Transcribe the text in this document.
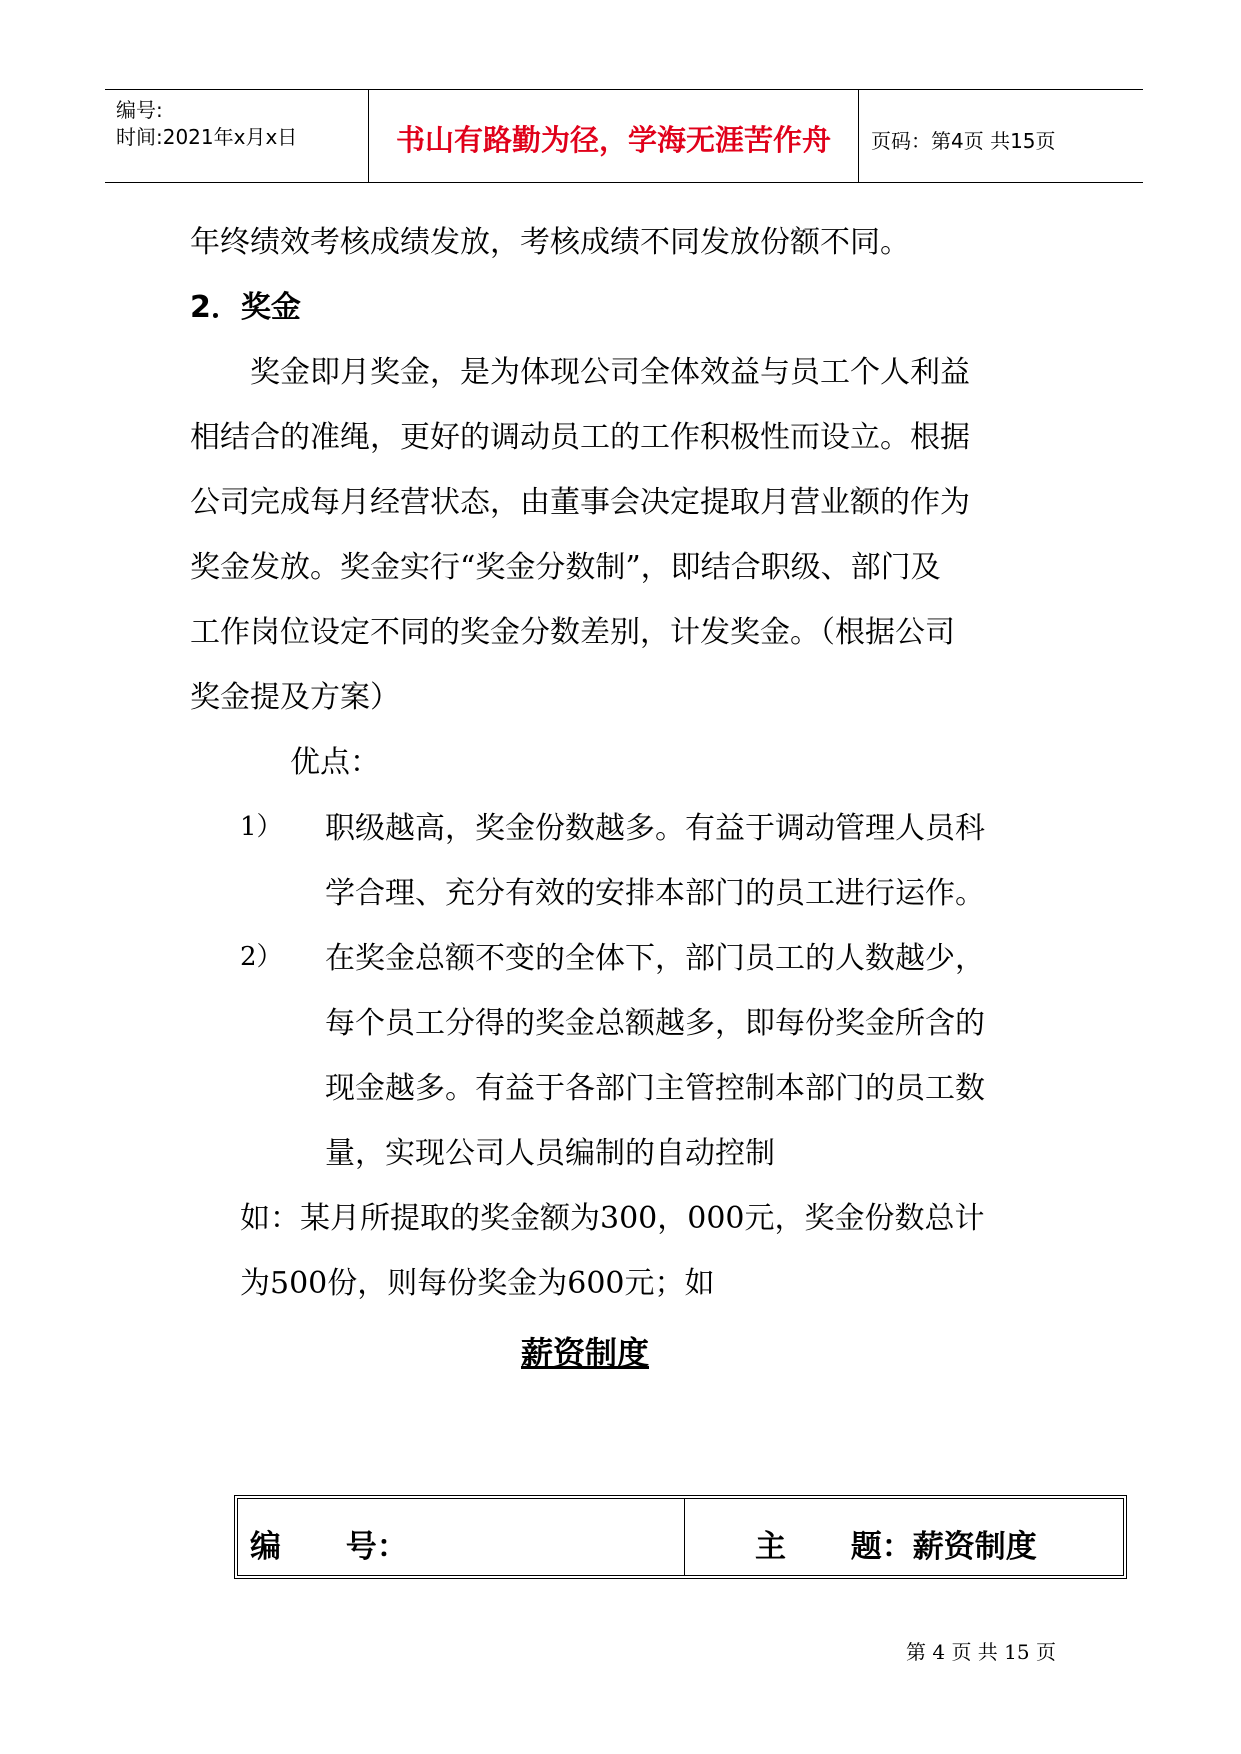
编号:
时间:2021年x月x日	书山有路勤为径，学海无涯苦作舟	页码：第4页 共15页
年终绩效考核成绩发放，考核成绩不同发放份额不同。
2．奖金
奖金即月奖金，是为体现公司全体效益与员工个人利益
相结合的准绳，更好的调动员工的工作积极性而设立。根据
公司完成每月经营状态，由董事会决定提取月营业额的作为
奖金发放。奖金实行“奖金分数制”，即结合职级、部门及
工作岗位设定不同的奖金分数差别，计发奖金。（根据公司
奖金提及方案）
优点：
1） 职级越高，奖金份数越多。有益于调动管理人员科
学合理、充分有效的安排本部门的员工进行运作。
2） 在奖金总额不变的全体下，部门员工的人数越少，
每个员工分得的奖金总额越多，即每份奖金所含的
现金越多。有益于各部门主管控制本部门的员工数
量，实现公司人员编制的自动控制
如：某月所提取的奖金额为300，000元，奖金份数总计
为500份，则每份奖金为600元；如
薪资制度
编      号：	主      题：薪资制度
第 4 页 共 15 页
